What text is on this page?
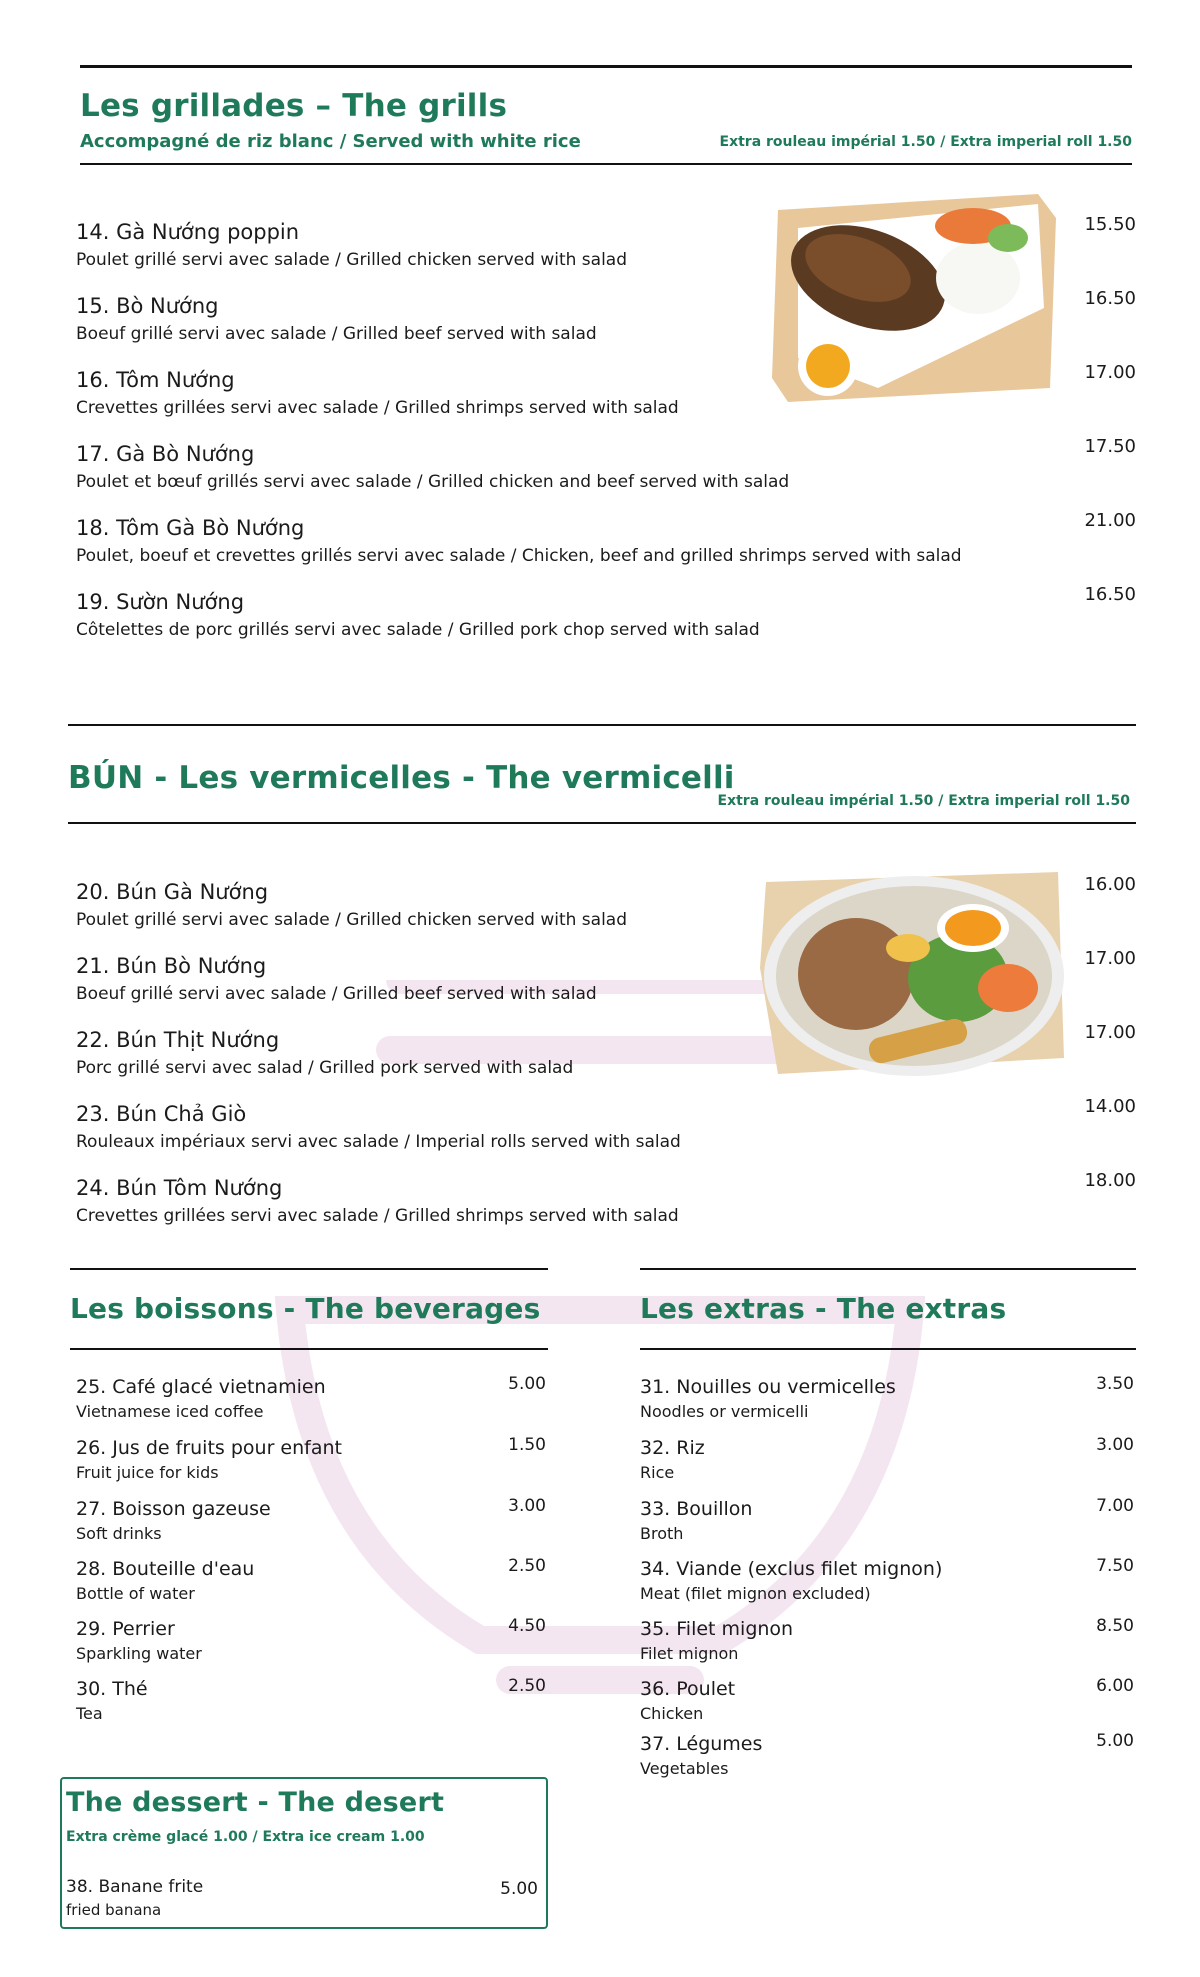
Les grillades – The grills
Accompagné de riz blanc / Served with white rice	Extra rouleau impérial 1.50 / Extra imperial roll 1.50
14. Gà Nướng poppin
Poulet grillé servi avec salade / Grilled chicken served with salad
15.50
15. Bò Nướng
Boeuf grillé servi avec salade / Grilled beef served with salad
16.50
16. Tôm Nướng
Crevettes grillées servi avec salade / Grilled shrimps served with salad
17.00
17. Gà Bò Nướng
Poulet et bœuf grillés servi avec salade / Grilled chicken and beef served with salad
17.50
18. Tôm Gà Bò Nướng
Poulet, boeuf et crevettes grillés servi avec salade / Chicken, beef and grilled shrimps served with salad
21.00
19. Sườn Nướng
Côtelettes de porc grillés servi avec salade / Grilled pork chop served with salad
16.50
BÚN - Les vermicelles - The vermicelli
Extra rouleau impérial 1.50 / Extra imperial roll 1.50
20. Bún Gà Nướng
Poulet grillé servi avec salade / Grilled chicken served with salad
16.00
21. Bún Bò Nướng
Boeuf grillé servi avec salade / Grilled beef served with salad
17.00
22. Bún Thịt Nướng
Porc grillé servi avec salad / Grilled pork served with salad
17.00
23. Bún Chả Giò
Rouleaux impériaux servi avec salade / Imperial rolls served with salad
14.00
24. Bún Tôm Nướng
Crevettes grillées servi avec salade / Grilled shrimps served with salad
18.00
Les boissons - The beverages
25. Café glacé vietnamien
Vietnamese iced coffee
5.00
26. Jus de fruits pour enfant
Fruit juice for kids
1.50
27. Boisson gazeuse
Soft drinks
3.00
28. Bouteille d'eau
Bottle of water
2.50
29. Perrier
Sparkling water
4.50
30. Thé
Tea
2.50
Les extras - The extras
31. Nouilles ou vermicelles
Noodles or vermicelli
3.50
32. Riz
Rice
3.00
33. Bouillon
Broth
7.00
34. Viande (exclus filet mignon)
Meat (filet mignon excluded)
7.50
35. Filet mignon
Filet mignon
8.50
36. Poulet
Chicken
6.00
37. Légumes
Vegetables
5.00
The dessert - The desert
Extra crème glacé 1.00 / Extra ice cream 1.00
38. Banane frite
fried banana
5.00
